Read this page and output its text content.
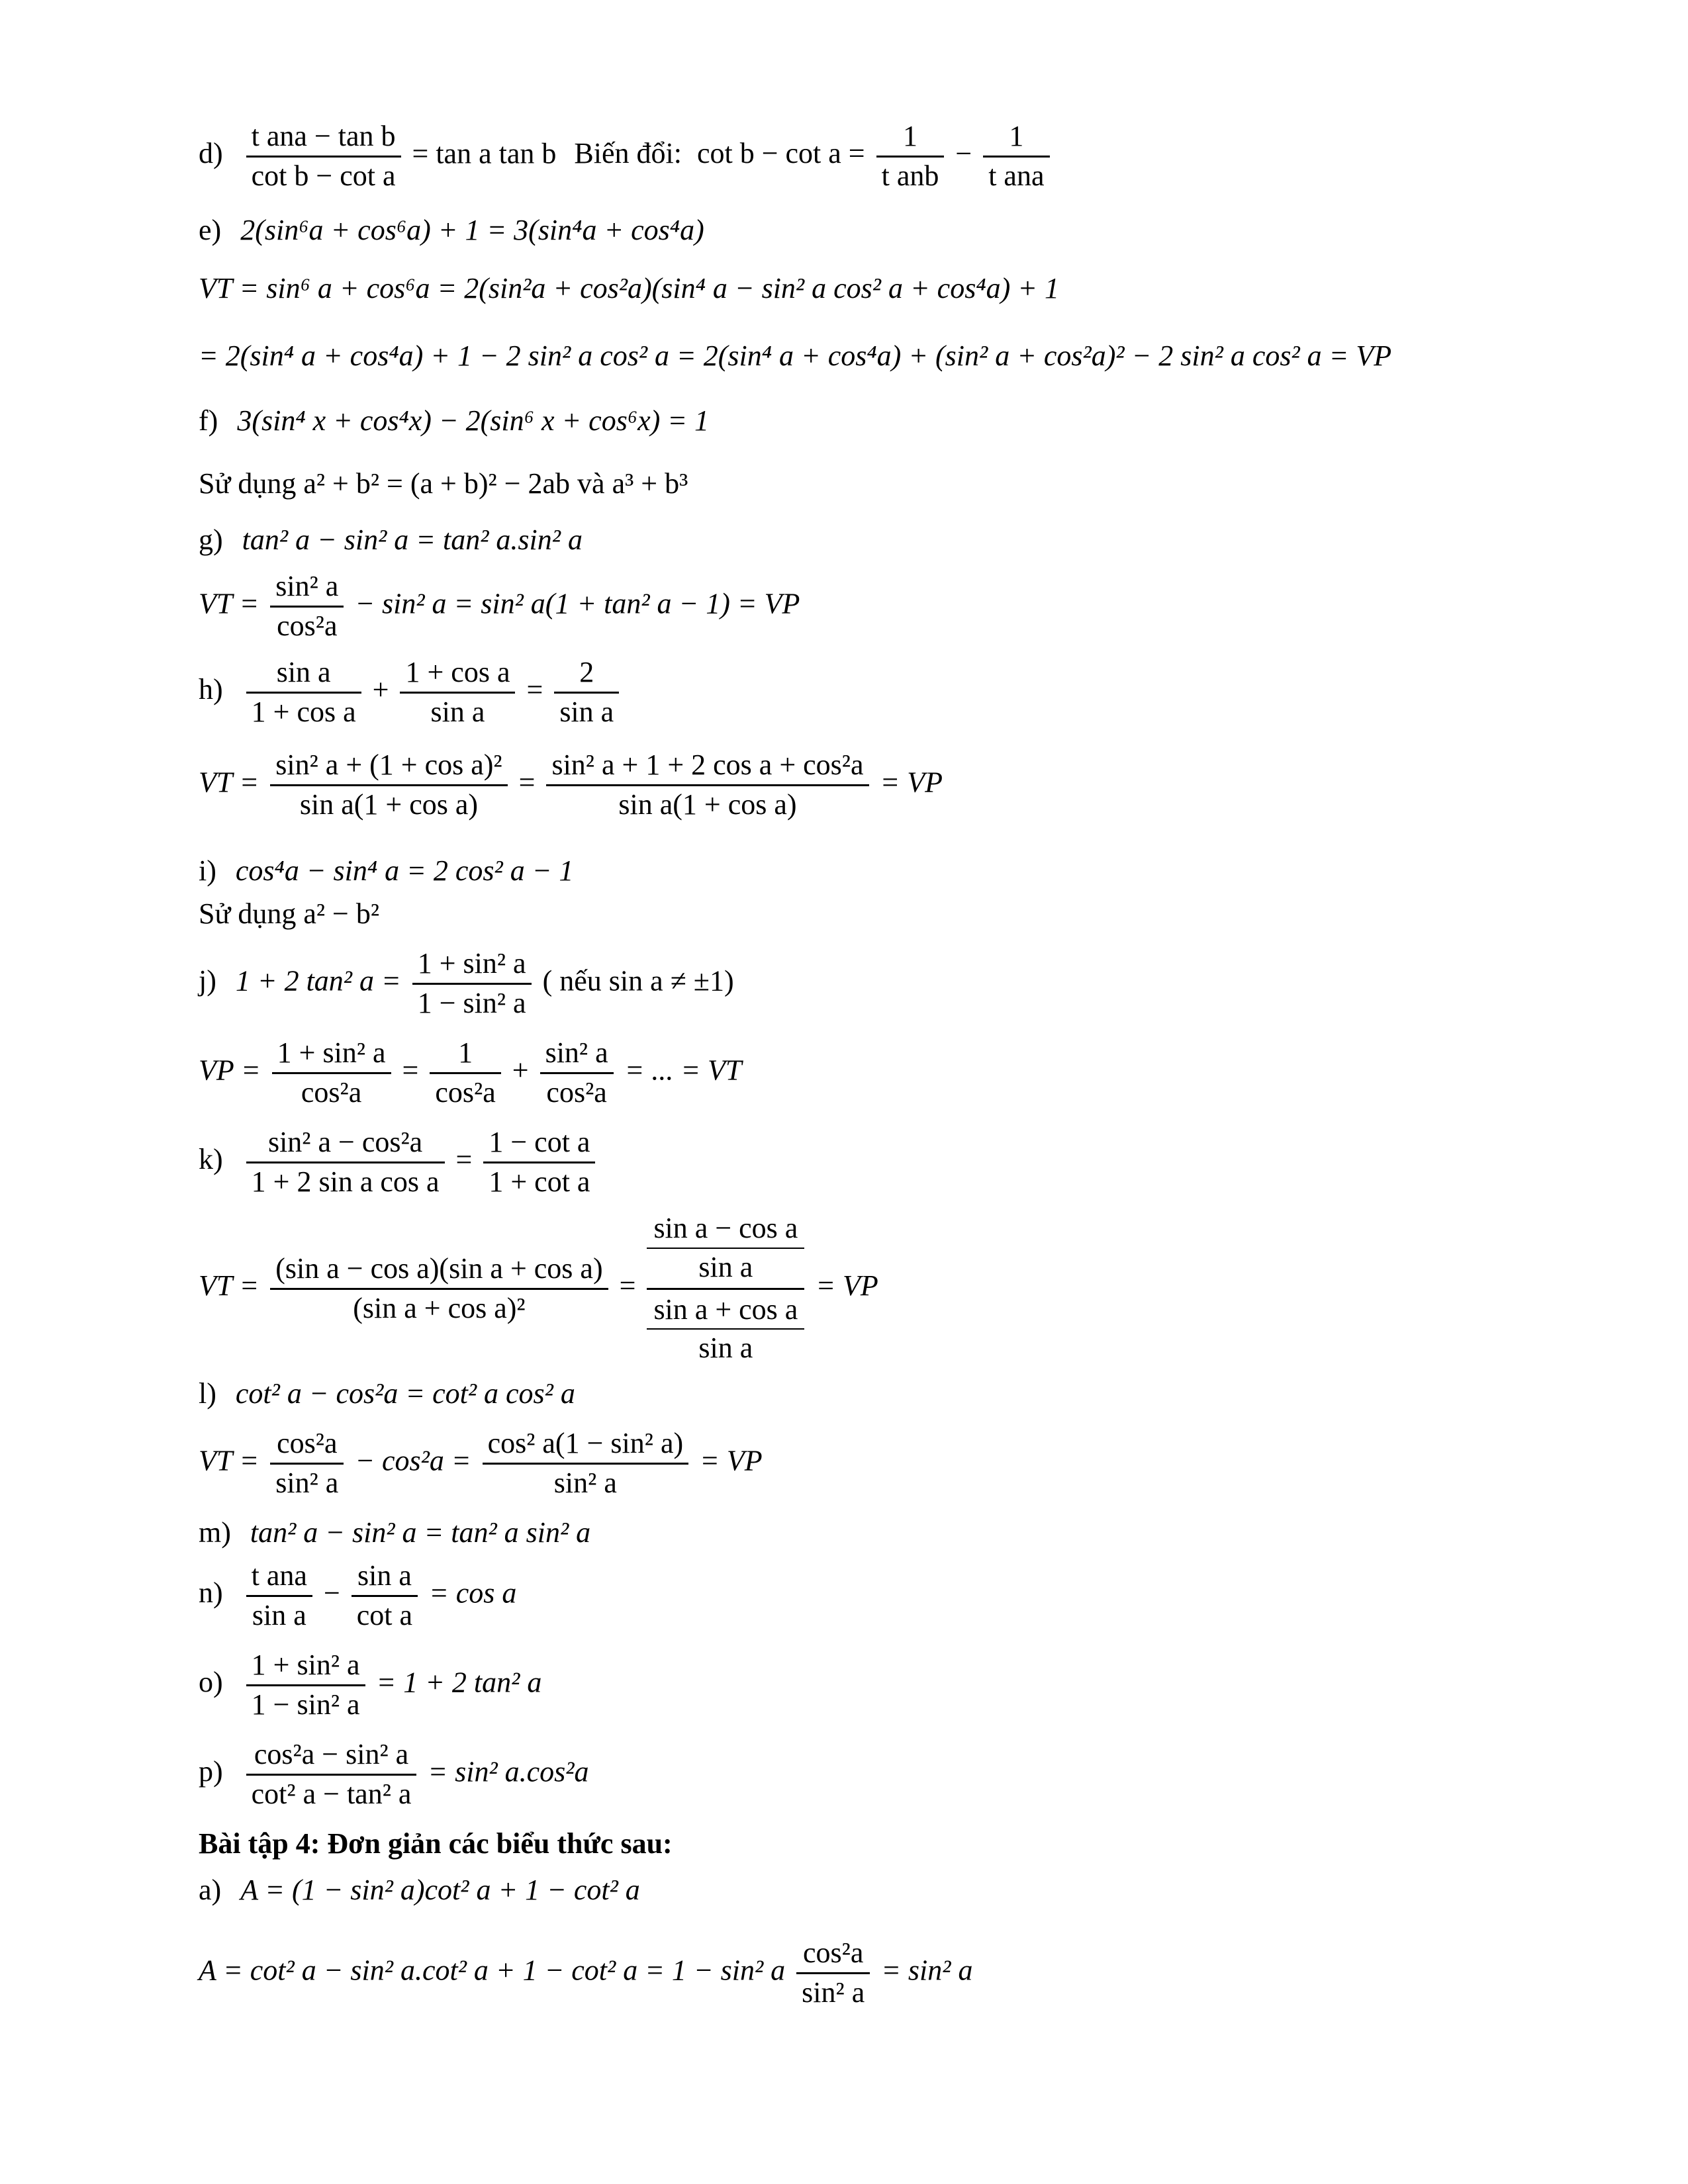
$d) \frac{\text{t ana − tan b}}{\text{cot b − cot a}} = \tan a$ tan b Biến đổi: $\cot b - \cot a = \frac{1}{\text{t anb}} - \frac{1}{\text{t ana}}$
e) 2(sin⁶a + cos⁶a) + 1 = 3(sin⁴a + cos⁴a)
VT = sin⁶ a + cos⁶a = 2(sin²a + cos²a)(sin⁴ a − sin² a cos² a + cos⁴a) + 1
= 2(sin⁴ a + cos⁴a) + 1 − 2 sin² a cos² a = 2(sin⁴ a + cos⁴a) + (sin² a + cos²a)² − 2 sin² a cos² a = VP
f) 3(sin⁴ x + cos⁴x) − 2(sin⁶ x + cos⁶x) = 1
Sử dụng a² + b² = (a + b)² − 2ab và a³ + b³
g) tan² a − sin² a = tan² a.sin² a
VT = $\frac{\text{sin² a}}{\text{cos²a}} - \sin^2$ a = sin² a(1 + tan² a − 1) = VP
$h) \frac{\text{sin a}}{\text{1 + cos a}} + \frac{\text{1 + cos a}}{\text{sin a}} = \frac{2}{\text{sin a}}$
VT = $\frac{\text{sin² a + (1 + cos a)²}}{\text{sin a(1 + cos a)}} = \frac{\text{sin² a + 1 + 2 cos a + cos²a}}{\text{sin a(1 + cos a)}}$ = VP
i) cos⁴a − sin⁴ a = 2 cos² a − 1
Sử dụng a² − b²
j) 1 + 2 tan² $a = \frac{\text{1 + sin² a}}{\text{1 − sin² a}}$ ( nếu sin a ≠ ±1)
VP = $\frac{\text{1 + sin² a}}{\text{cos²a}} = \frac{1}{\text{cos²a}} + \frac{\text{sin² a}}{\text{cos²a}}$ = ... = VT
$k) \frac{\text{sin² a − cos²a}}{\text{1 + 2 sin a cos a}} = \frac{\text{1 − cot a}}{\text{1 + cot a}}$
VT = $\frac{\text{(sin a − cos a)(sin a + cos a)}}{\text{(sin a + cos a)²}} = \frac{\frac{\text{sin a − cos a}}{\text{sin a}}}{\frac{\text{sin a + cos a}}{\text{sin a}}}$ = VP
l) cot² a − cos²a = cot² a cos² a
VT = $\frac{\text{cos²a}}{\text{sin² a}} - \cos^2a = \frac{\text{cos² a(1 − sin² a)}}{\text{sin² a}}$ = VP
m) tan² a − sin² a = tan² a sin² a
$n) \frac{\text{t ana}}{\text{sin a}} - \frac{\text{sin a}}{\text{cot a}} = \cos a$
$o) \frac{\text{1 + sin² a}}{\text{1 − sin² a}} = 1 + 2$ tan² a
$p) \frac{\text{cos²a − sin² a}}{\text{cot² a − tan² a}} = \sin^2$ a.cos²a
Bài tập 4: Đơn giản các biểu thức sau:
a) A = (1 − sin² a)cot² a + 1 − cot² a
A = cot² a − sin² a.cot² a + 1 − cot² a = 1 − sin² a $\frac{\text{cos²a}}{\text{sin² a}} = \sin^2$ a
